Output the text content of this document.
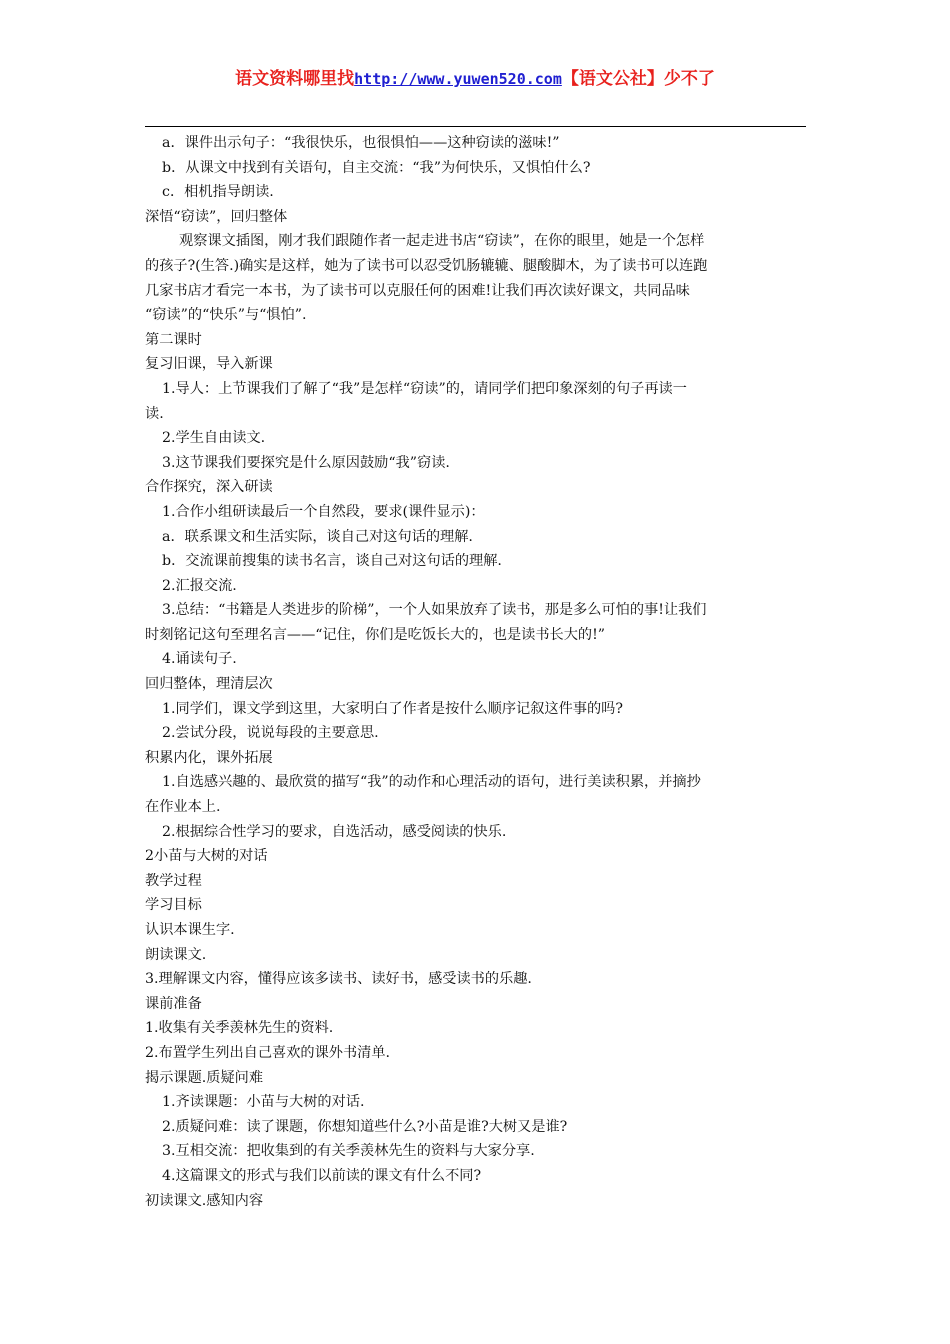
语文资料哪里找http://www.yuwen520.com【语文公社】少不了
a．课件出示句子：“我很快乐，也很惧怕——这种窃读的滋味!”
b．从课文中找到有关语句，自主交流：“我”为何快乐，又惧怕什么?
c．相机指导朗读.
深悟“窃读”，回归整体
观察课文插图，刚才我们跟随作者一起走进书店“窃读”，在你的眼里，她是一个怎样
的孩子?(生答.)确实是这样，她为了读书可以忍受饥肠辘辘、腿酸脚木，为了读书可以连跑
几家书店才看完一本书，为了读书可以克服任何的困难!让我们再次读好课文，共同品味
“窃读”的“快乐”与“惧怕”.
第二课时
复习旧课，导入新课
1.导人：上节课我们了解了“我”是怎样“窃读”的，请同学们把印象深刻的句子再读一
读.
2.学生自由读文.
3.这节课我们要探究是什么原因鼓励“我”窃读.
合作探究，深入研读
1.合作小组研读最后一个自然段，要求(课件显示)：
a．联系课文和生活实际，谈自己对这句话的理解.
b．交流课前搜集的读书名言，谈自己对这句话的理解.
2.汇报交流.
3.总结：“书籍是人类进步的阶梯”，一个人如果放弃了读书，那是多么可怕的事!让我们
时刻铭记这句至理名言——“记住，你们是吃饭长大的，也是读书长大的!”
4.诵读句子.
回归整体，理清层次
1.同学们，课文学到这里，大家明白了作者是按什么顺序记叙这件事的吗?
2.尝试分段，说说每段的主要意思.
积累内化，课外拓展
1.自选感兴趣的、最欣赏的描写“我”的动作和心理活动的语句，进行美读积累，并摘抄
在作业本上.
2.根据综合性学习的要求，自选活动，感受阅读的快乐.
2小苗与大树的对话
教学过程
学习目标
认识本课生字.
朗读课文.
3.理解课文内容，懂得应该多读书、读好书，感受读书的乐趣.
课前准备
1.收集有关季羡林先生的资料.
2.布置学生列出自己喜欢的课外书清单.
揭示课题.质疑问难
1.齐读课题：小苗与大树的对话.
2.质疑问难：读了课题，你想知道些什么?小苗是谁?大树又是谁?
3.互相交流：把收集到的有关季羡林先生的资料与大家分享.
4.这篇课文的形式与我们以前读的课文有什么不同?
初读课文.感知内容
